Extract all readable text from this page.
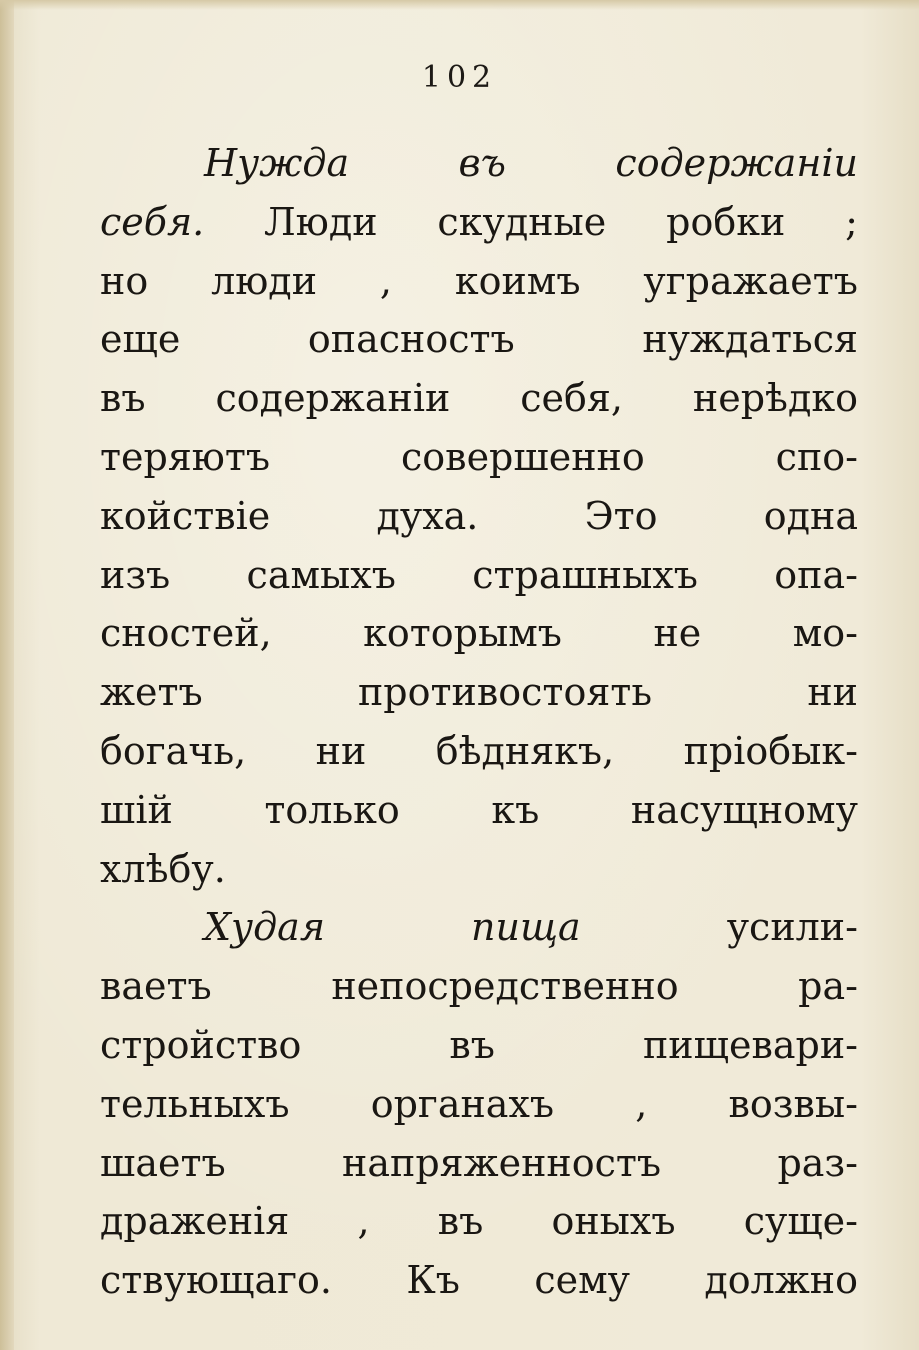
102
Нужда	въ	содержаніи
себя. Люди скудные робки ;
но люди , коимъ угражаетъ
еще	опасностъ	нуждаться
въ содержаніи себя, нерѣдко
теряютъ	совершенно	спо-
койствіе	духа.	Это	одна
изъ самыхъ страшныхъ опа-
сностей, которымъ не мо-
жетъ	противостоять	ни
богачь, ни бѣднякъ, пріобык-
шій только къ насущному
хлѣбу.
Худая	пища	усили-
ваетъ	непосредственно	ра-
стройство	въ	пищевари-
тельныхъ органахъ , возвы-
шаетъ	напряженностъ	раз-
драженія , въ оныхъ суще-
ствующаго. Къ сему должно
